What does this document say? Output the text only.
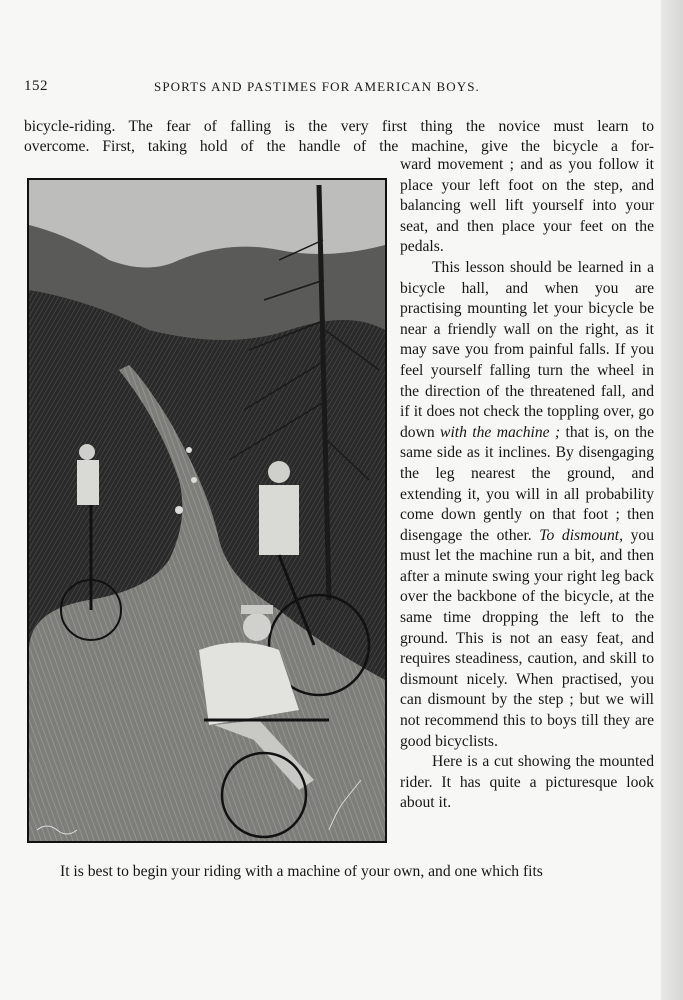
152	SPORTS AND PASTIMES FOR AMERICAN BOYS.
bicycle-riding. The fear of falling is the very first thing the novice must learn to
overcome. First, taking hold of the handle of the machine, give the bicycle a for-

ward movement ; and as you follow it place your left foot on the step, and balancing well lift yourself into your seat, and then place your feet on the pedals.

This lesson should be learned in a bicycle hall, and when you are practising mounting let your bicycle be near a friendly wall on the right, as it may save you from painful falls. If you feel yourself falling turn the wheel in the direction of the threatened fall, and if it does not check the toppling over, go down with the machine ; that is, on the same side as it inclines. By disengaging the leg nearest the ground, and extending it, you will in all probability come down gently on that foot ; then disengage the other. To dismount, you must let the machine run a bit, and then after a minute swing your right leg back over the backbone of the bicycle, at the same time dropping the left to the ground. This is not an easy feat, and requires steadiness, caution, and skill to dismount nicely. When practised, you can dismount by the step ; but we will not recommend this to boys till they are good bicyclists.

Here is a cut showing the mounted rider. It has quite a picturesque look about it.

It is best to begin your riding with a machine of your own, and one which fits
